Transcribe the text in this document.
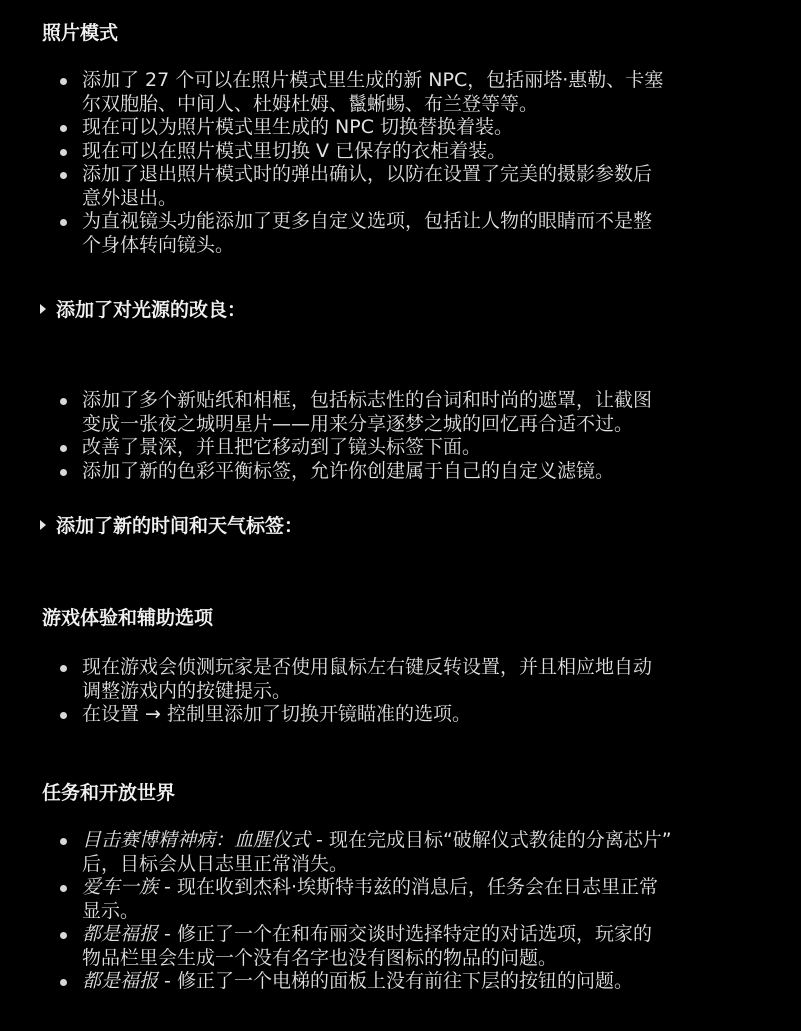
照片模式
添加了 27 个可以在照片模式里生成的新 NPC，包括丽塔·惠勒、卡塞
尔双胞胎、中间人、杜姆杜姆、鬣蜥蜴、布兰登等等。
现在可以为照片模式里生成的 NPC 切换替换着装。
现在可以在照片模式里切换 V 已保存的衣柜着装。
添加了退出照片模式时的弹出确认，以防在设置了完美的摄影参数后
意外退出。
为直视镜头功能添加了更多自定义选项，包括让人物的眼睛而不是整
个身体转向镜头。
添加了对光源的改良：
添加了多个新贴纸和相框，包括标志性的台词和时尚的遮罩，让截图
变成一张夜之城明星片——用来分享逐梦之城的回忆再合适不过。
改善了景深，并且把它移动到了镜头标签下面。
添加了新的色彩平衡标签，允许你创建属于自己的自定义滤镜。
添加了新的时间和天气标签：
游戏体验和辅助选项
现在游戏会侦测玩家是否使用鼠标左右键反转设置，并且相应地自动
调整游戏内的按键提示。
在设置 → 控制里添加了切换开镜瞄准的选项。
任务和开放世界
目击赛博精神病：血腥仪式 - 现在完成目标“破解仪式教徒的分离芯片”
后，目标会从日志里正常消失。
爱车一族 - 现在收到杰科·埃斯特韦兹的消息后，任务会在日志里正常
显示。
都是福报 - 修正了一个在和布丽交谈时选择特定的对话选项，玩家的
物品栏里会生成一个没有名字也没有图标的物品的问题。
都是福报 - 修正了一个电梯的面板上没有前往下层的按钮的问题。
